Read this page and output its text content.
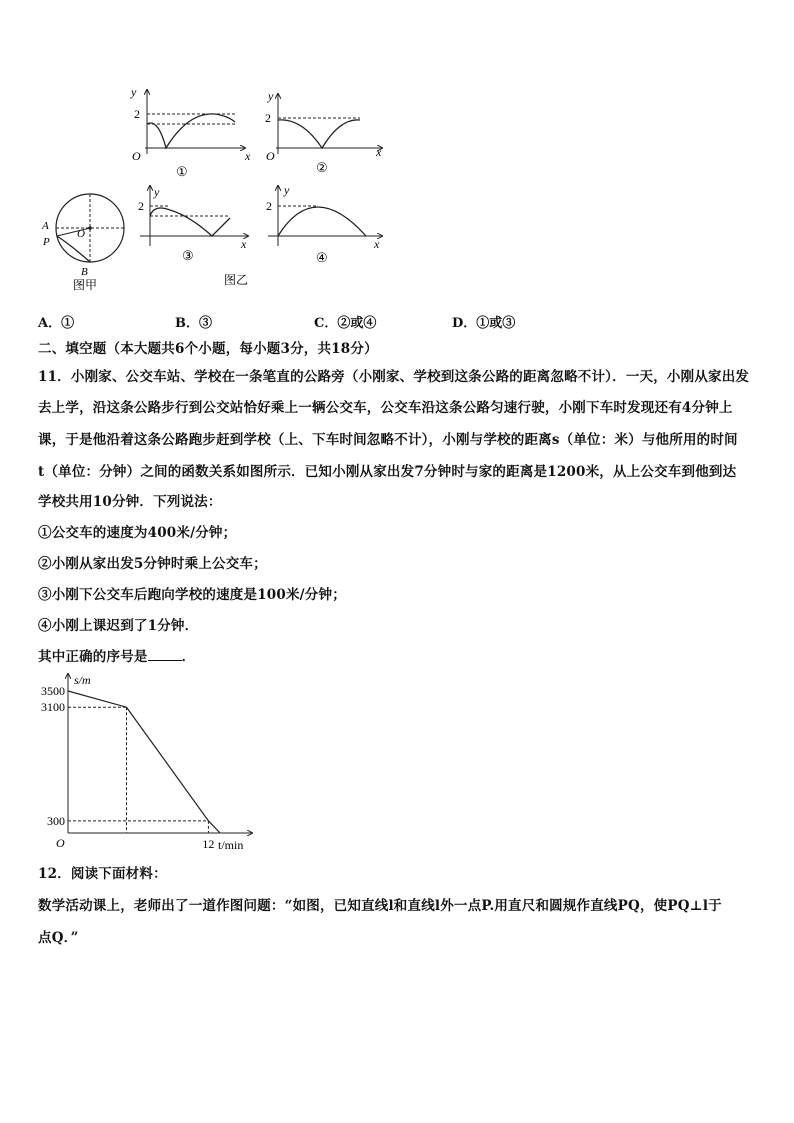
y
2
O	x
①
y
2
O	x
②
A
P
O
B
图甲
y
2
x
③
图乙
y
2
x
④
A．①	B．③	C．②或④	D．①或③
二、填空题（本大题共6个小题，每小题3分，共18分）
11．小刚家、公交车站、学校在一条笔直的公路旁（小刚家、学校到这条公路的距离忽略不计）．一天，小刚从家出发
去上学，沿这条公路步行到公交站恰好乘上一辆公交车，公交车沿这条公路匀速行驶，小刚下车时发现还有4分钟上
课，于是他沿着这条公路跑步赶到学校（上、下车时间忽略不计），小刚与学校的距离s（单位：米）与他所用的时间
t（单位：分钟）之间的函数关系如图所示．已知小刚从家出发7分钟时与家的距离是1200米，从上公交车到他到达
学校共用10分钟．下列说法：
①公交车的速度为400米/分钟；
②小刚从家出发5分钟时乘上公交车；
③小刚下公交车后跑向学校的速度是100米/分钟；
④小刚上课迟到了1分钟．
其中正确的序号是	．
3500
3100
300
12
s/m
t/min
O
12．阅读下面材料：
数学活动课上，老师出了一道作图问题：“如图，已知直线l和直线l外一点P.用直尺和圆规作直线PQ，使PQ⊥l于
点Q．”
